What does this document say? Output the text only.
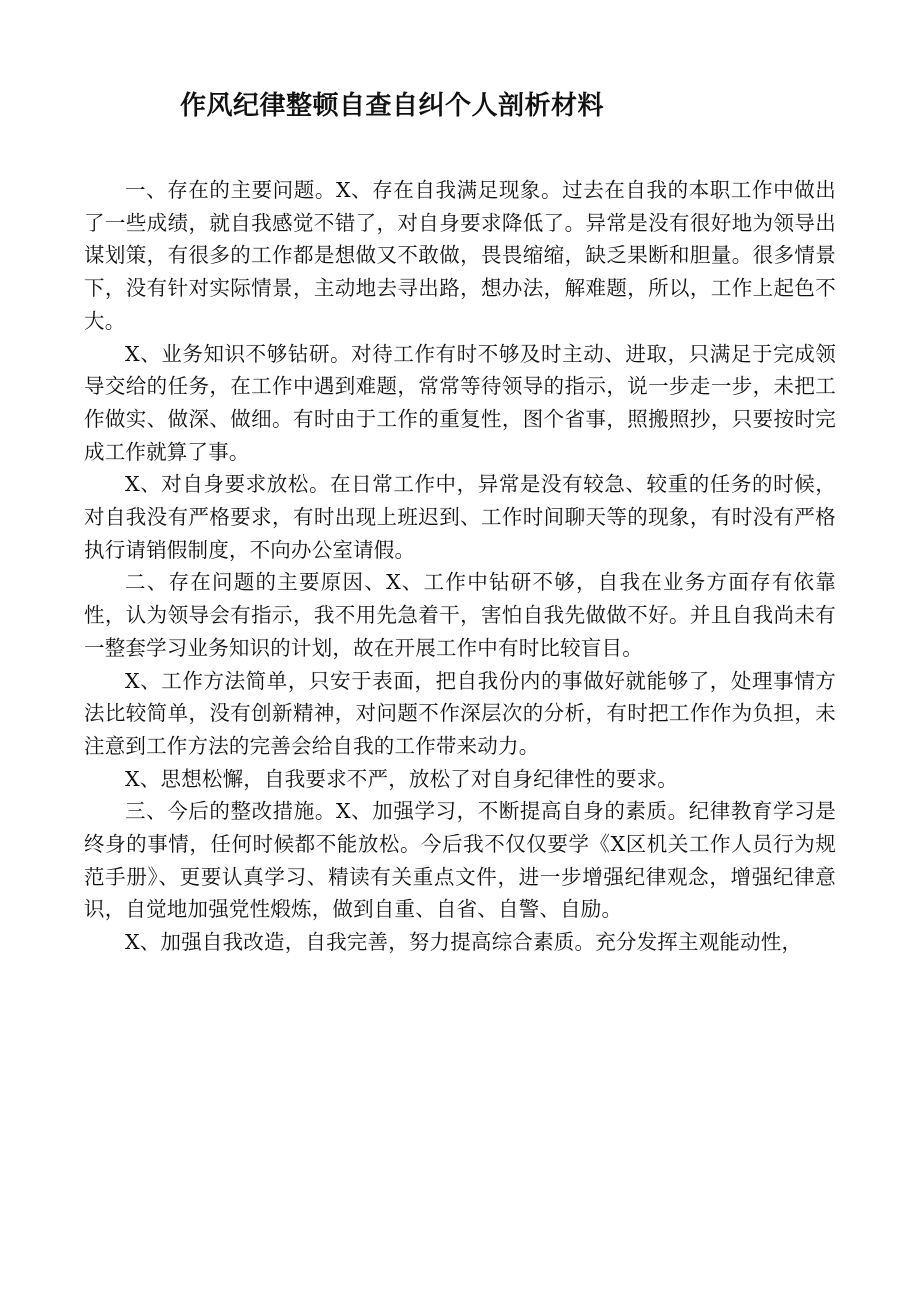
作风纪律整顿自查自纠个人剖析材料

一、存在的主要问题。X、存在自我满足现象。过去在自我的本职工作中做出了一些成绩，就自我感觉不错了，对自身要求降低了。异常是没有很好地为领导出谋划策，有很多的工作都是想做又不敢做，畏畏缩缩，缺乏果断和胆量。很多情景下，没有针对实际情景，主动地去寻出路，想办法，解难题，所以，工作上起色不大。

X、业务知识不够钻研。对待工作有时不够及时主动、进取，只满足于完成领导交给的任务，在工作中遇到难题，常常等待领导的指示，说一步走一步，未把工作做实、做深、做细。有时由于工作的重复性，图个省事，照搬照抄，只要按时完成工作就算了事。

X、对自身要求放松。在日常工作中，异常是没有较急、较重的任务的时候，对自我没有严格要求，有时出现上班迟到、工作时间聊天等的现象，有时没有严格执行请销假制度，不向办公室请假。

二、存在问题的主要原因、X、工作中钻研不够，自我在业务方面存有依靠性，认为领导会有指示，我不用先急着干，害怕自我先做做不好。并且自我尚未有一整套学习业务知识的计划，故在开展工作中有时比较盲目。

X、工作方法简单，只安于表面，把自我份内的事做好就能够了，处理事情方法比较简单，没有创新精神，对问题不作深层次的分析，有时把工作作为负担，未注意到工作方法的完善会给自我的工作带来动力。

X、思想松懈，自我要求不严，放松了对自身纪律性的要求。

三、今后的整改措施。X、加强学习，不断提高自身的素质。纪律教育学习是终身的事情，任何时候都不能放松。今后我不仅仅要学《X区机关工作人员行为规范手册》、更要认真学习、精读有关重点文件，进一步增强纪律观念，增强纪律意识，自觉地加强党性煅炼，做到自重、自省、自警、自励。

X、加强自我改造，自我完善，努力提高综合素质。充分发挥主观能动性，
